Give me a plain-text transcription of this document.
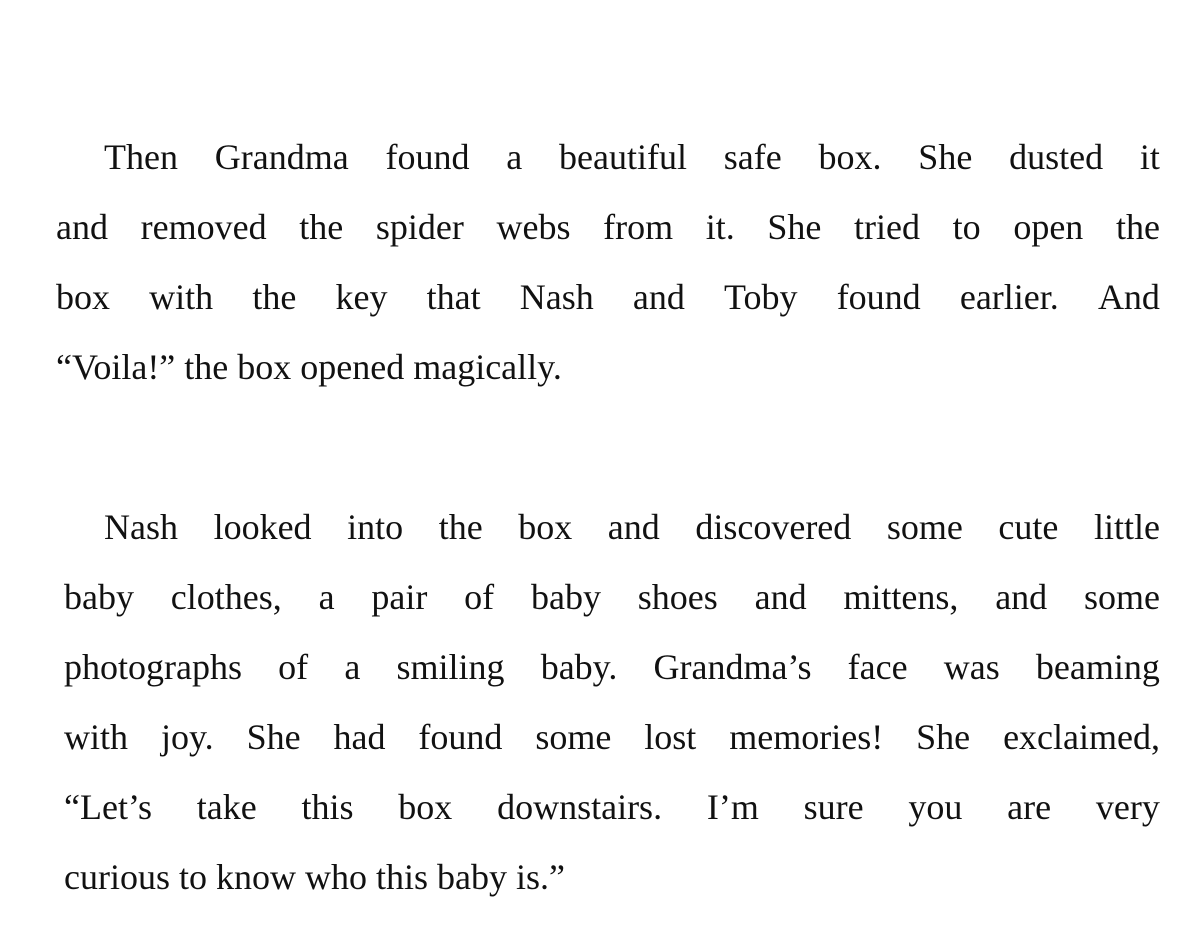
Then Grandma found a beautiful safe box. She dusted it
and removed the spider webs from it. She tried to open the
box with the key that Nash and Toby found earlier. And
“Voila!” the box opened magically.
Nash looked into the box and discovered some cute little
baby clothes, a pair of baby shoes and mittens, and some
photographs of a smiling baby. Grandma’s face was beaming
with joy. She had found some lost memories! She exclaimed,
“Let’s take this box downstairs. I’m sure you are very
curious to know who this baby is.”
